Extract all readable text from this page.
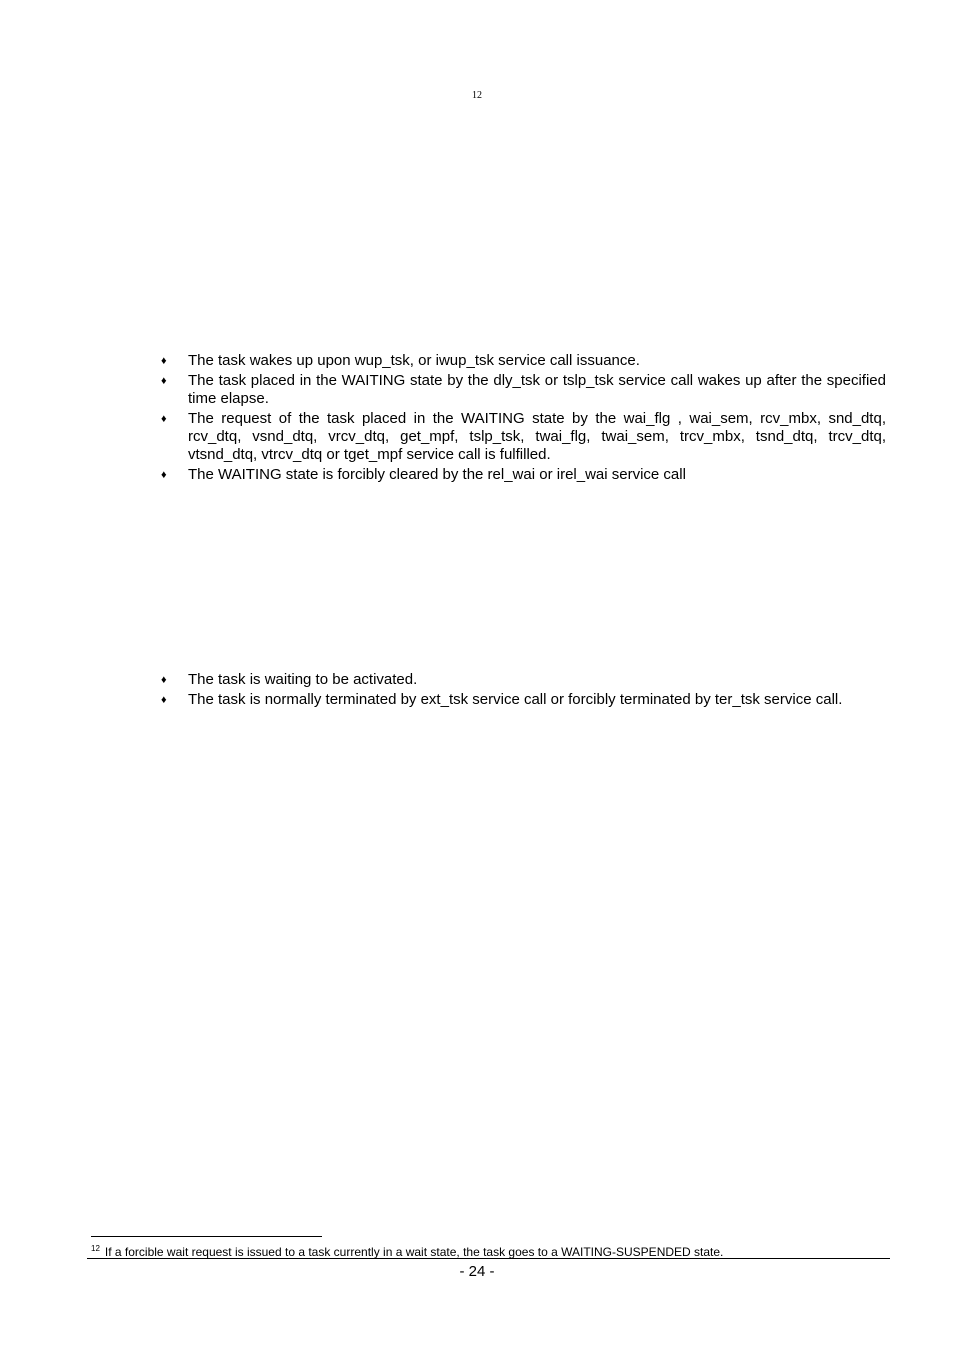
12
♦	The task wakes up upon wup_tsk, or iwup_tsk service call issuance.
♦	The task placed in the WAITING state by the dly_tsk or tslp_tsk service call wakes up after the specified time elapse.
♦	The request of the task placed in the WAITING state by the wai_flg , wai_sem, rcv_mbx, snd_dtq, rcv_dtq, vsnd_dtq, vrcv_dtq, get_mpf, tslp_tsk, twai_flg, twai_sem, trcv_mbx, tsnd_dtq, trcv_dtq, vtsnd_dtq, vtrcv_dtq or tget_mpf service call is fulfilled.
♦	The WAITING state is forcibly cleared by the rel_wai or irel_wai service call
♦	The task is waiting to be activated.
♦	The task is normally terminated by ext_tsk service call or forcibly terminated by ter_tsk service call.
$^{12}$ If a forcible wait request is issued to a task currently in a wait state, the task goes to a WAITING-SUSPENDED state.
- 24 -
